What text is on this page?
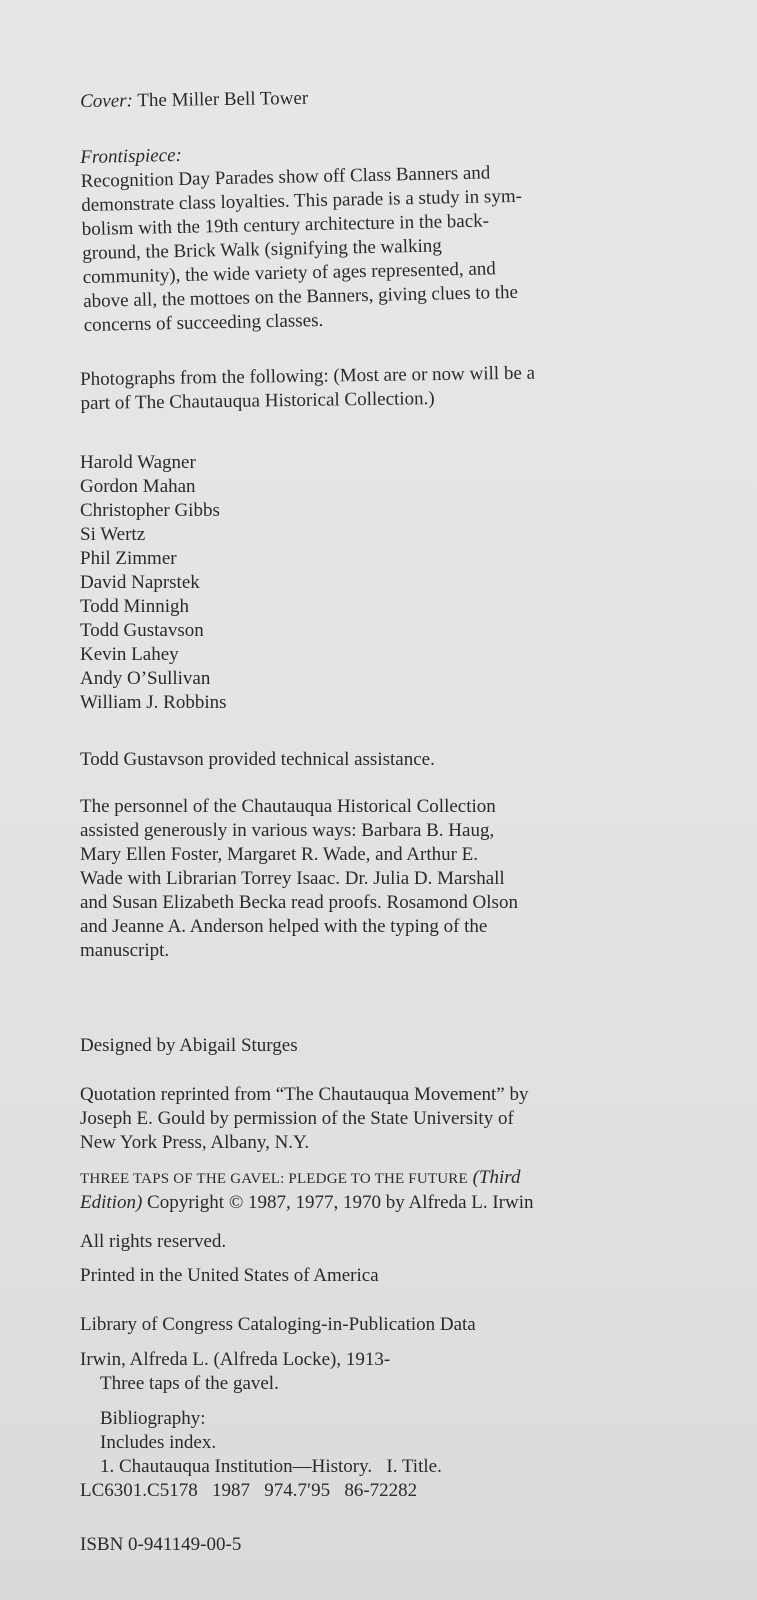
Cover: The Miller Bell Tower

Frontispiece:

Recognition Day Parades show off Class Banners and

demonstrate class loyalties. This parade is a study in sym-

bolism with the 19th century architecture in the back-

ground, the Brick Walk (signifying the walking

community), the wide variety of ages represented, and

above all, the mottoes on the Banners, giving clues to the

concerns of succeeding classes.

Photographs from the following: (Most are or now will be a

part of The Chautauqua Historical Collection.)

Harold Wagner
Gordon Mahan
Christopher Gibbs
Si Wertz
Phil Zimmer
David Naprstek
Todd Minnigh
Todd Gustavson
Kevin Lahey
Andy O’Sullivan
William J. Robbins

Todd Gustavson provided technical assistance.

The personnel of the Chautauqua Historical Collection

assisted generously in various ways: Barbara B. Haug,

Mary Ellen Foster, Margaret R. Wade, and Arthur E.

Wade with Librarian Torrey Isaac. Dr. Julia D. Marshall

and Susan Elizabeth Becka read proofs. Rosamond Olson

and Jeanne A. Anderson helped with the typing of the

manuscript.

Designed by Abigail Sturges

Quotation reprinted from “The Chautauqua Movement” by

Joseph E. Gould by permission of the State University of

New York Press, Albany, N.Y.

THREE TAPS OF THE GAVEL: PLEDGE TO THE FUTURE (Third

Edition) Copyright © 1987, 1977, 1970 by Alfreda L. Irwin

All rights reserved.

Printed in the United States of America

Library of Congress Cataloging-in-Publication Data

Irwin, Alfreda L. (Alfreda Locke), 1913-

Three taps of the gavel.

Bibliography:

Includes index.

1. Chautauqua Institution—History.   I. Title.

LC6301.C5178   1987   974.7′95   86-72282

ISBN 0-941149-00-5
